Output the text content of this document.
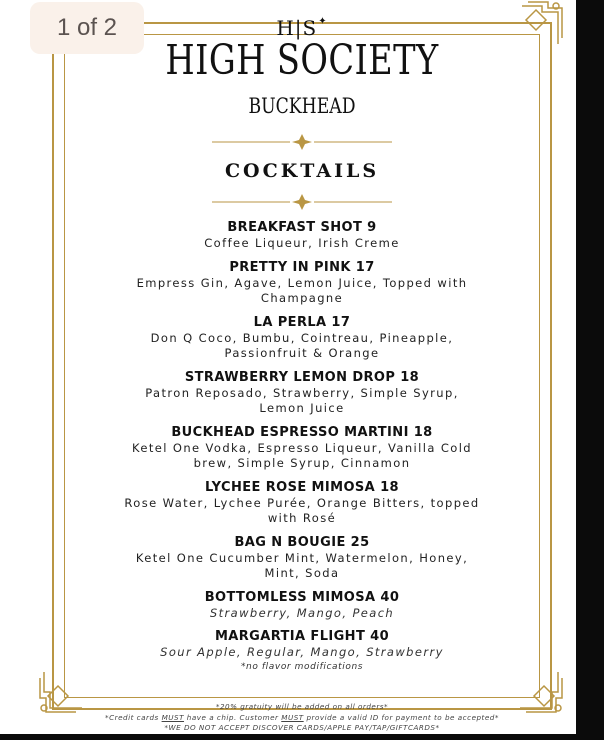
1 of 2	H|S✦
HIGH SOCIETY
BUCKHEAD
COCKTAILS
BREAKFAST SHOT 9
Coffee Liqueur, Irish Creme
PRETTY IN PINK 17
Empress Gin, Agave, Lemon Juice, Topped with Champagne
LA PERLA 17
Don Q Coco, Bumbu, Cointreau, Pineapple, Passionfruit & Orange
STRAWBERRY LEMON DROP 18
Patron Reposado, Strawberry, Simple Syrup, Lemon Juice
BUCKHEAD ESPRESSO MARTINI 18
Ketel One Vodka, Espresso Liqueur, Vanilla Cold brew, Simple Syrup, Cinnamon
LYCHEE ROSE MIMOSA 18
Rose Water, Lychee Purée, Orange Bitters, topped with Rosé
BAG N BOUGIE 25
Ketel One Cucumber Mint, Watermelon, Honey, Mint, Soda
BOTTOMLESS MIMOSA 40
Strawberry, Mango, Peach
MARGARTIA FLIGHT 40
Sour Apple, Regular, Mango, Strawberry
*no flavor modifications
*20% gratuity will be added on all orders*
*Credit cards MUST have a chip. Customer MUST provide a valid ID for payment to be accepted*
*WE DO NOT ACCEPT DISCOVER CARDS/APPLE PAY/TAP/GIFTCARDS*
